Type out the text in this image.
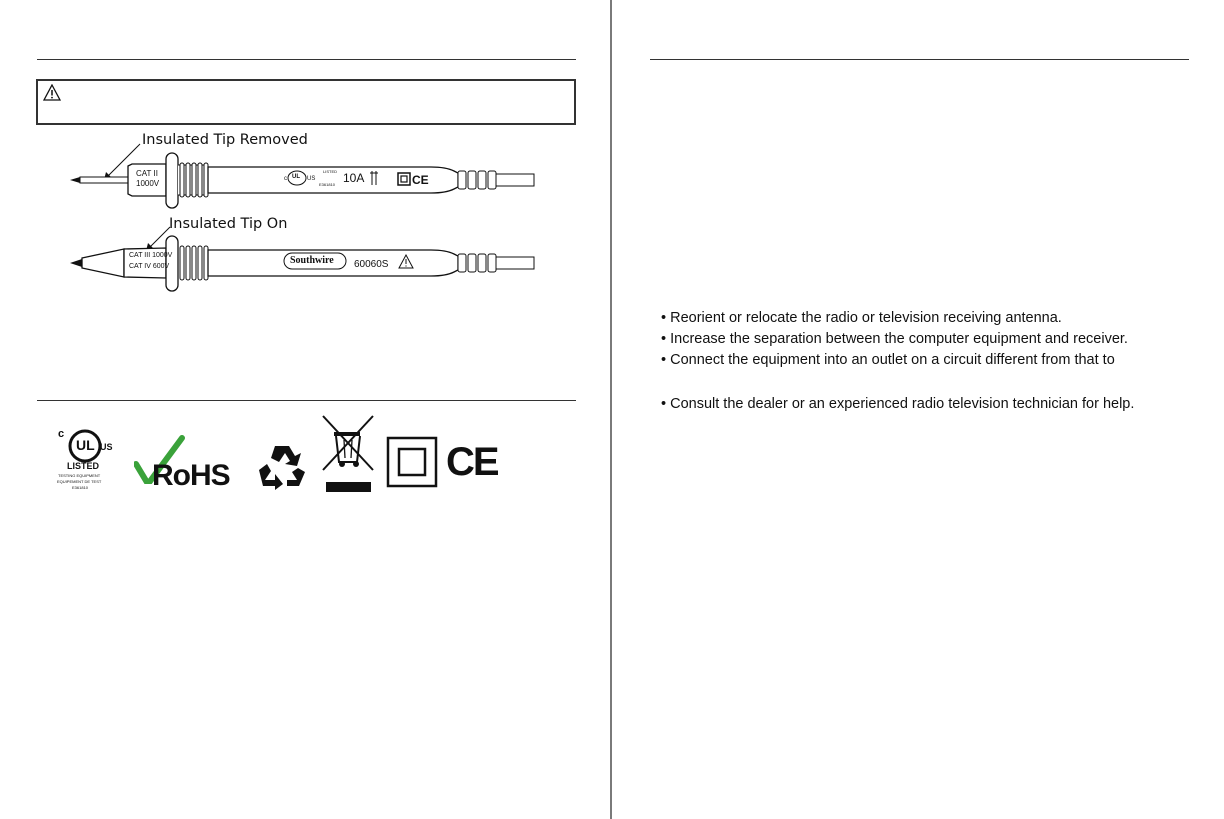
Insulated Tip Removed
CAT II
1000V	c UL US
LISTED
E361810 10A	CE
Insulated Tip On
CAT III 1000V
CAT IV 600V
Southwire 60060S
c
UL US
LISTED
TESTING EQUIPMENT
EQUIPEMENT DE TEST
E361810 RoHS	CE
• Reorient or relocate the radio or television receiving antenna.
• Increase the separation between the computer equipment and receiver.
• Connect the equipment into an outlet on a circuit different from that to
• Consult the dealer or an experienced radio television technician for help.
